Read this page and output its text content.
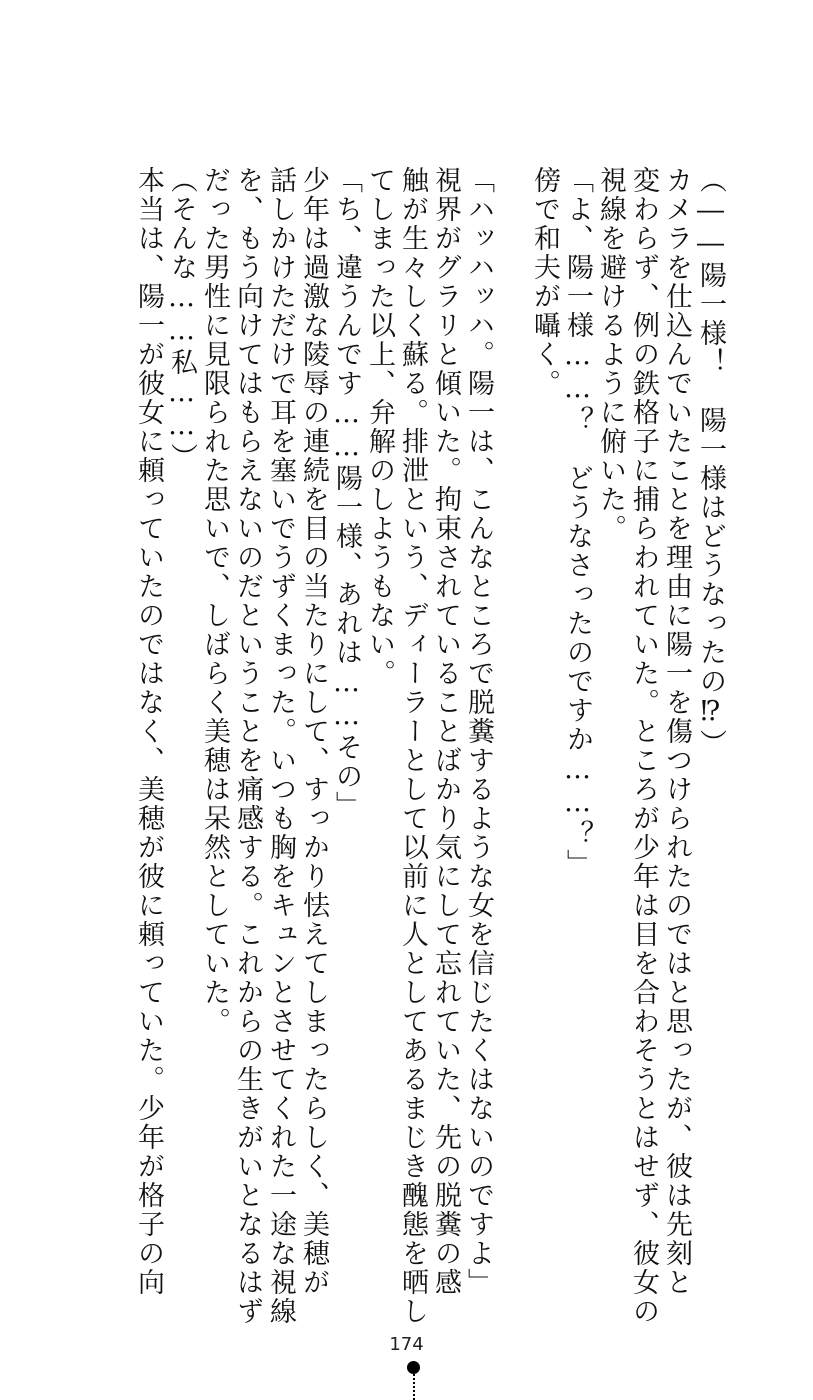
（――陽一様！　陽一様はどうなったの⁉）
カメラを仕込んでいたことを理由に陽一を傷つけられたのではと思ったが、彼は先刻と
変わらず、例の鉄格子に捕らわれていた。ところが少年は目を合わそうとはせず、彼女の
視線を避けるように俯いた。
「よ、陽一様……？　どうなさったのですか……？」
傍で和夫が囁く。
「ハッハッハ。陽一は、こんなところで脱糞するような女を信じたくはないのですよ」
視界がグラリと傾いた。拘束されていることばかり気にして忘れていた、先の脱糞の感
触が生々しく蘇る。排泄という、ディーラーとして以前に人としてあるまじき醜態を晒し
てしまった以上、弁解のしようもない。
「ち、違うんです……陽一様、あれは……その」
少年は過激な陵辱の連続を目の当たりにして、すっかり怯えてしまったらしく、美穂が
話しかけただけで耳を塞いでうずくまった。いつも胸をキュンとさせてくれた一途な視線
を、もう向けてはもらえないのだということを痛感する。これからの生きがいとなるはず
だった男性に見限られた思いで、しばらく美穂は呆然としていた。
（そんな……私……）
本当は、陽一が彼女に頼っていたのではなく、美穂が彼に頼っていた。少年が格子の向
174
